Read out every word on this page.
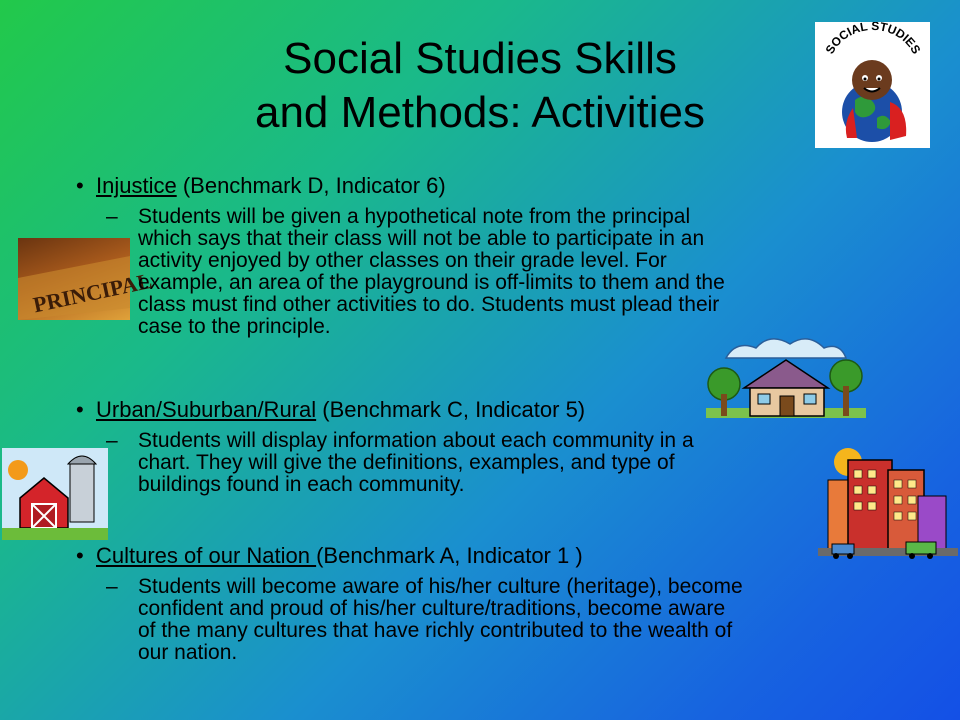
Social Studies Skills
and Methods: Activities
SOCIAL STUDIES
PRINCIPAL
• Injustice (Benchmark D, Indicator 6)
– Students will be given a hypothetical note from the principal
which says that their class will not be able to participate in an
activity enjoyed by other classes on their grade level. For
example, an area of the playground is off-limits to them and the
class must find other activities to do. Students must plead their
case to the principle.
• Urban/Suburban/Rural (Benchmark C, Indicator 5)
– Students will display information about each community in a
chart. They will give the definitions, examples, and type of
buildings found in each community.
• Cultures of our Nation (Benchmark A, Indicator 1 )
– Students will become aware of his/her culture (heritage), become
confident and proud of his/her culture/traditions, become aware
of the many cultures that have richly contributed to the wealth of
our nation.
